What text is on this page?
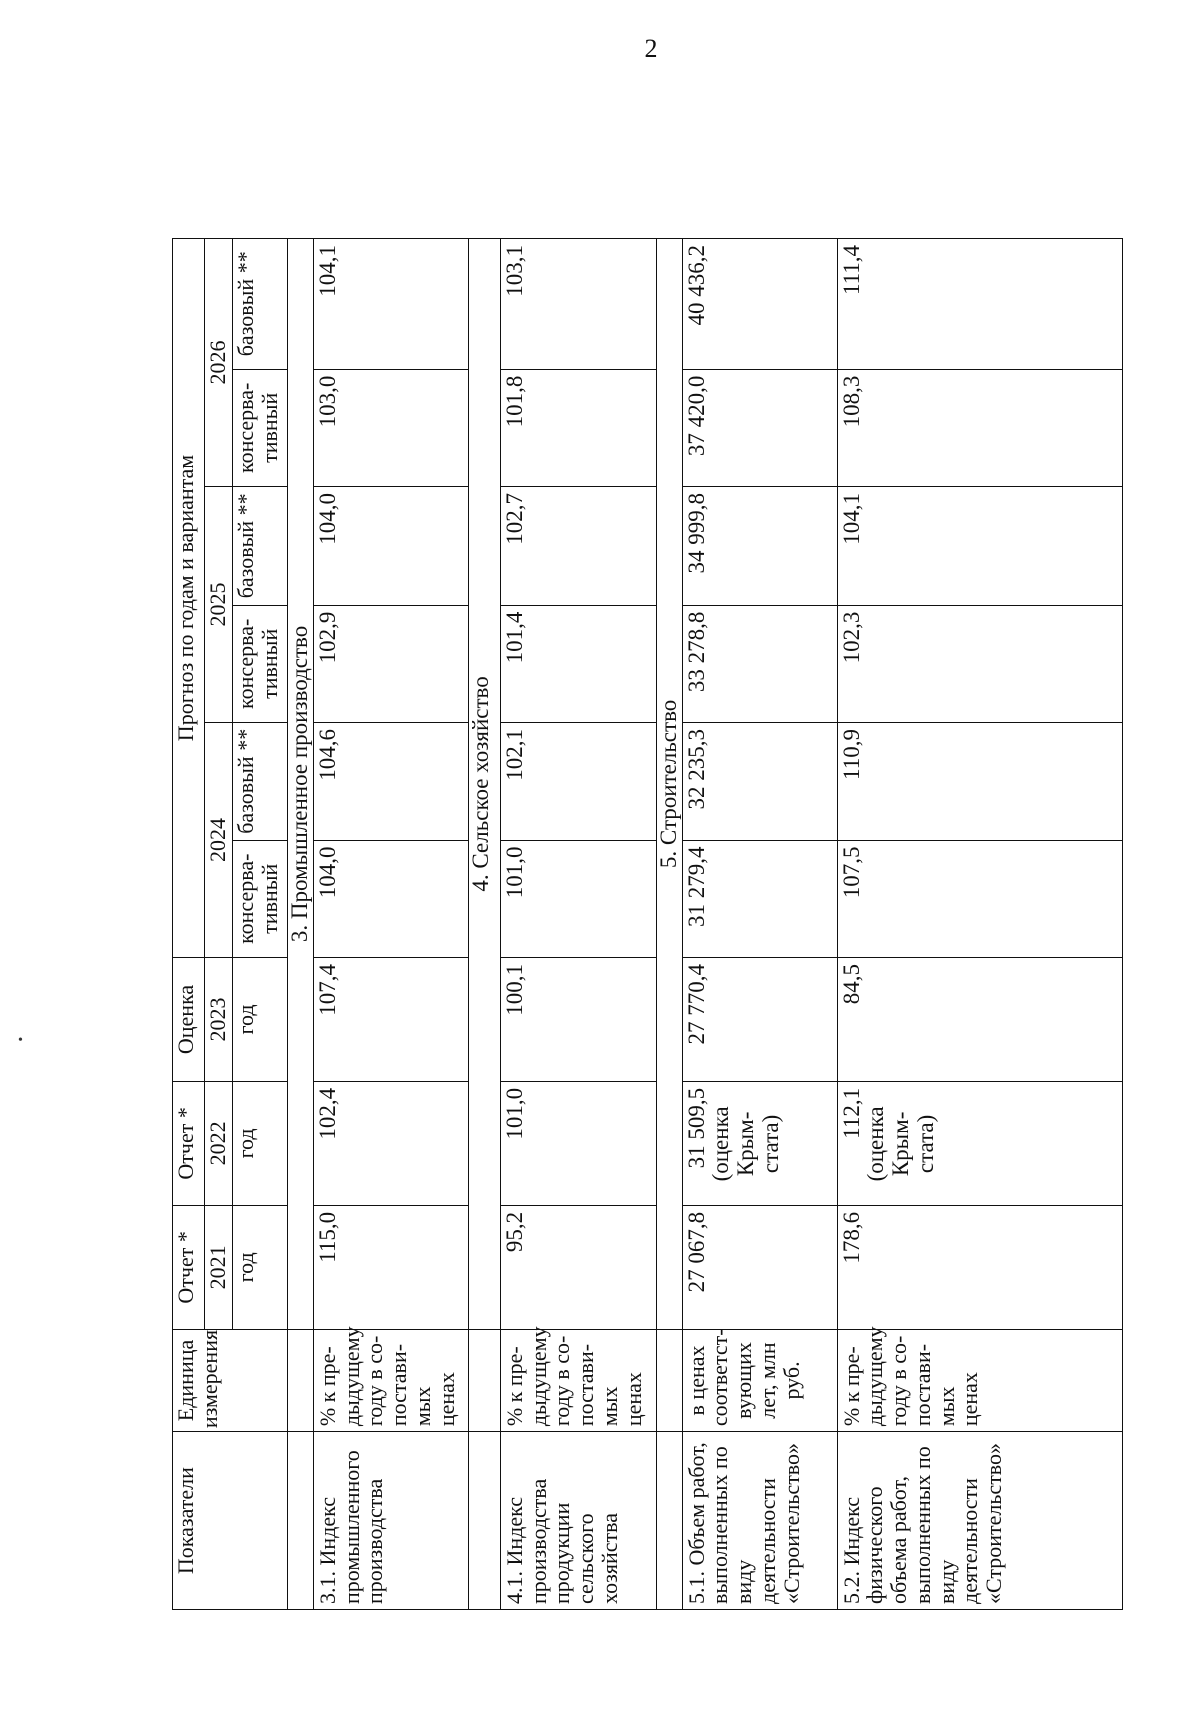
2
•
Показатели	Единица измерения	Отчет *	Отчет *	Оценка	Прогноз по годам и вариантам					
		2021	2022	2023	2024		2025		2026	
		год	год	год	консерва-тивный	базовый **	консерва-тивный	базовый **	консерва-тивный	базовый **
		3. Промышленное производство								
3.1. Индекс промышленного производства	% к пре-дыдущему году в со-постави-мых ценах	115,0	102,4	107,4	104,0	104,6	102,9	104,0	103,0	104,1
		4. Сельское хозяйство								
4.1. Индекс производства продукции сельского хозяйства	% к пре-дыдущему году в со-постави-мых ценах	95,2	101,0	100,1	101,0	102,1	101,4	102,7	101,8	103,1
		5. Строительство								
5.1. Объем работ, выполненных по виду деятельности «Строительство»	в ценах соответст-вующих лет, млн руб.	27 067,8	31 509,5 (оценка Крым-стата)	27 770,4	31 279,4	32 235,3	33 278,8	34 999,8	37 420,0	40 436,2
5.2. Индекс физического объема работ, выполненных по виду деятельности «Строительство»	% к пре-дыдущему году в со-постави-мых ценах	178,6	112,1 (оценка Крым-стата)	84,5	107,5	110,9	102,3	104,1	108,3	111,4
